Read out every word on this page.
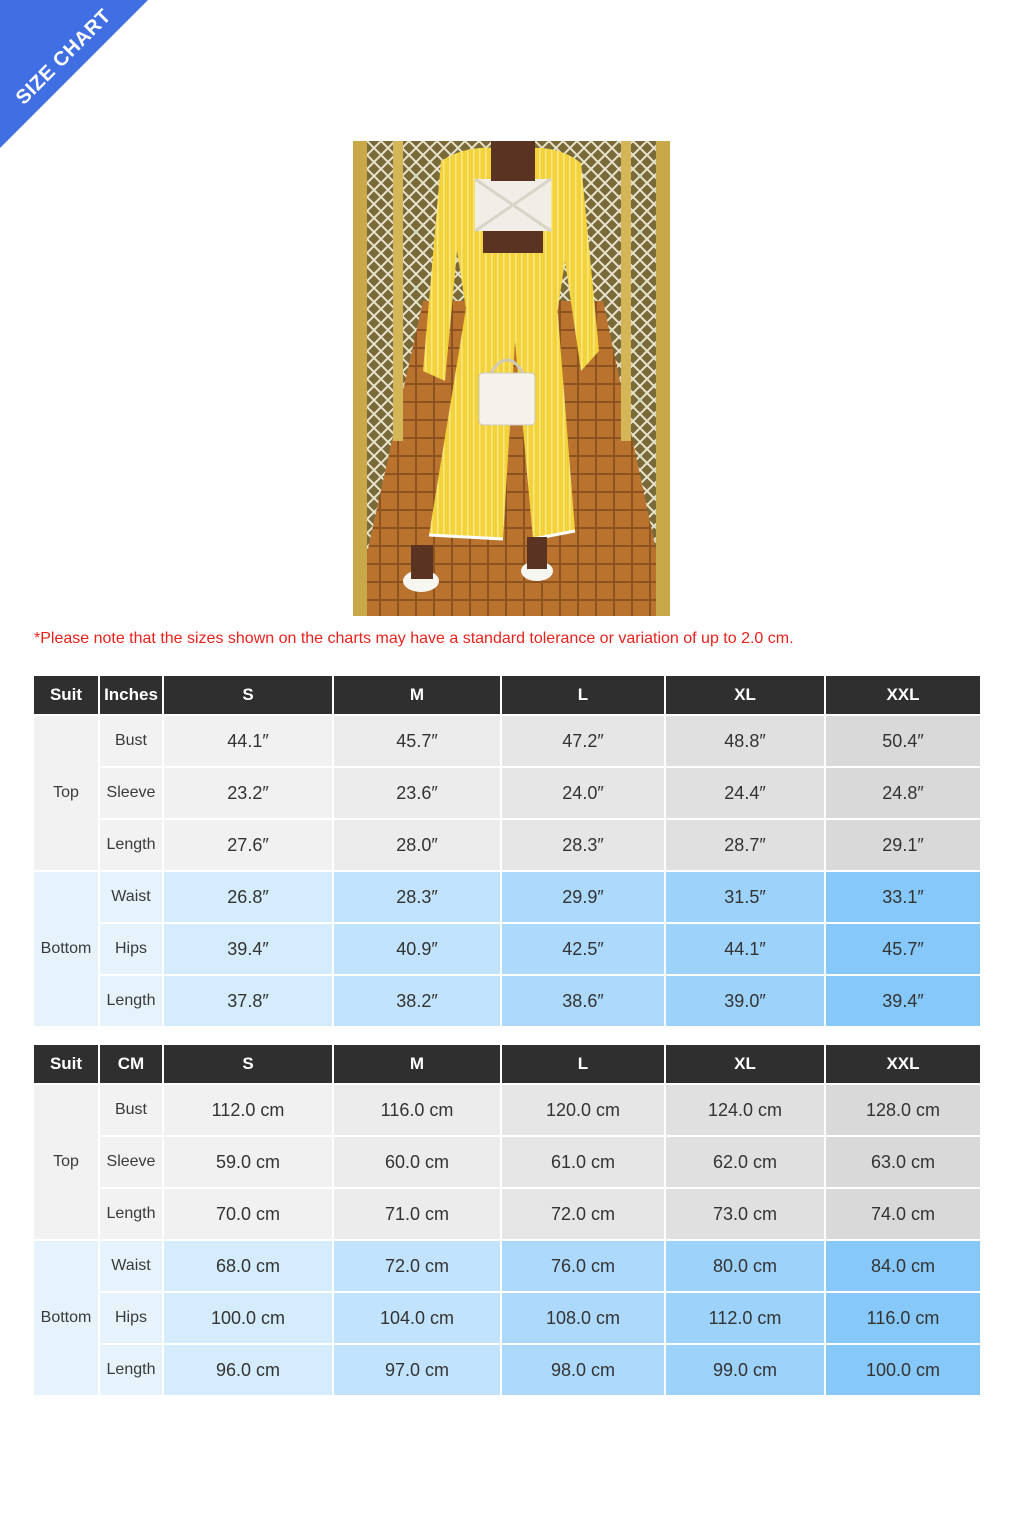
SIZE CHART
*Please note that the sizes shown on the charts may have a standard tolerance or variation of up to 2.0 cm.
Suit	Inches	S	M	L	XL	XXL
Top	Bust	44.1″	45.7″	47.2″	48.8″	50.4″
	Sleeve	23.2″	23.6″	24.0″	24.4″	24.8″
	Length	27.6″	28.0″	28.3″	28.7″	29.1″
Bottom	Waist	26.8″	28.3″	29.9″	31.5″	33.1″
	Hips	39.4″	40.9″	42.5″	44.1″	45.7″
	Length	37.8″	38.2″	38.6″	39.0″	39.4″
Suit	CM	S	M	L	XL	XXL
Top	Bust	112.0 cm	116.0 cm	120.0 cm	124.0 cm	128.0 cm
	Sleeve	59.0 cm	60.0 cm	61.0 cm	62.0 cm	63.0 cm
	Length	70.0 cm	71.0 cm	72.0 cm	73.0 cm	74.0 cm
Bottom	Waist	68.0 cm	72.0 cm	76.0 cm	80.0 cm	84.0 cm
	Hips	100.0 cm	104.0 cm	108.0 cm	112.0 cm	116.0 cm
	Length	96.0 cm	97.0 cm	98.0 cm	99.0 cm	100.0 cm
